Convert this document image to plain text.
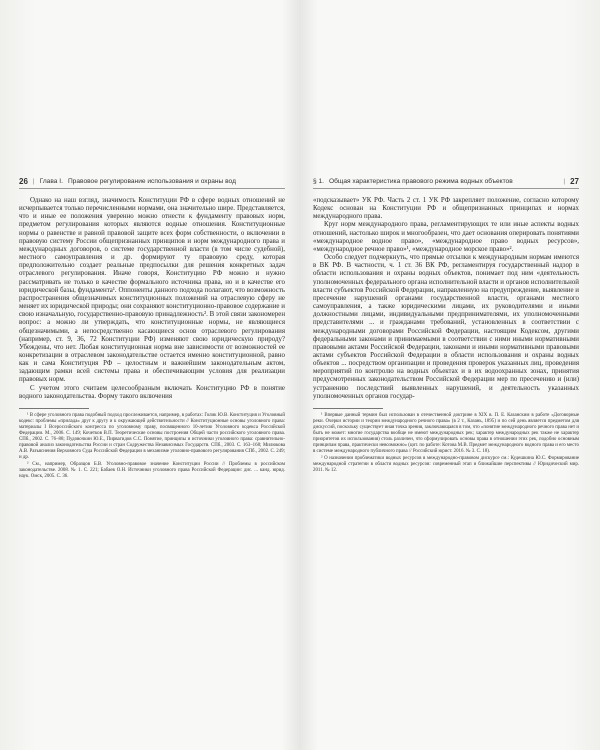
26 | Глава I. Правовое регулирование использования и охраны вод

Однако на наш взгляд, значимость Конституции РФ в сфере водных отношений не исчерпывается только перечисленными нормами, она значительно шире. Представляется, что и иные ее положения уверенно можно отнести к фундаменту правовых норм, предметом регулирования которых являются водные отношения. Конституционные нормы о равенстве и равной правовой защите всех форм собственности, о включении в правовую систему России общепризнанных принципов и норм международного права и международных договоров, о системе государственной власти (в том числе судебной), местного самоуправления и др. формируют ту правовую среду, которая предположительно создает реальные предпосылки для решения конкретных задач отраслевого регулирования. Иначе говоря, Конституцию РФ можно и нужно рассматривать не только в качестве формального источника права, но и в качестве его юридической базы, фундамента¹. Оппоненты данного подхода полагают, что возможность распространения общезначимых конституционных положений на отраслевую сферу не меняет их юридической природы; они сохраняют конституционно-правовое содержание и свою изначальную, государственно-правовую принадлежность². В этой связи закономерен вопрос: а можно ли утверждать, что конституционные нормы, не являющиеся общезначимыми, а непосредственно касающиеся основ отраслевого регулирования (например, ст. 9, 36, 72 Конституции РФ) изменяют свою юридическую природу? Убеждены, что нет. Любая конституционная норма вне зависимости от возможностей ее конкретизации в отраслевом законодательстве остается именно конституционной, равно как и сама Конституция РФ – целостным и важнейшим законодательным актом, задающим рамки всей системы права и обеспечивающим условия для реализации правовых норм.

С учетом этого считаем целесообразным включать Конституцию РФ в понятие водного законодательства. Форму такого включения

¹ В сфере уголовного права подобный подход прослеживается, например, в работах: Голик Ю.В. Конституция и Уголовный кодекс: проблемы «прилада» друг к другу и к окружающей действительности // Конституционные основы уголовного права: материалы I Всероссийского конгресса по уголовному праву, посвященного 10-летию Уголовного кодекса Российской Федерации. М., 2006. С. 149; Кочетков В.П. Теоретические основы построения Общей части российского уголовного права. СПб., 2002. С. 76–88; Пудовочкин Ю.Е., Пирвагидов С.С. Понятие, принципы и источники уголовного права: сравнительно-правовой анализ законодательства России и стран Содружества Независимых Государств. СПб., 2003. С. 163–168; Милюкова А.В. Разъяснения Верховного Суда Российской Федерации в механизме уголовно-правового регулирования СПб., 2002. С. 249; и др.

² См., например, Образцов Б.В. Уголовно-правовое значение Конституции России // Проблемы в российском законодательстве. 2008. № 1. С. 221; Бабаев О.Н. Источники уголовного права Российской Федерации: дис. ... канд. юрид. наук. Омск, 2005. С. 36.

§ 1. Общая характеристика правового режима водных объектов	| 27

«подсказывает» УК РФ. Часть 2 ст. 1 УК РФ закрепляет положение, согласно которому Кодекс основан на Конституции РФ и общепризнанных принципах и нормах международного права.

Круг норм международного права, регламентирующих те или иные аспекты водных отношений, настолько широк и многообразен, что дает основания оперировать понятиями «международное водное право», «международное право водных ресурсов», «международное речное право»¹, «международное морское право»².

Особо следует подчеркнуть, что прямые отсылки к международным нормам имеются в ВК РФ. В частности, ч. 1 ст. 36 ВК РФ, регламентируя государственный надзор в области использования и охраны водных объектов, понимает под ним «деятельность уполномоченных федерального органа исполнительной власти и органов исполнительной власти субъектов Российской Федерации, направленную на предупреждение, выявление и пресечение нарушений органами государственной власти, органами местного самоуправления, а также юридическими лицами, их руководителями и иными должностными лицами, индивидуальными предпринимателями, их уполномоченными представителями ... и гражданами требований, установленных в соответствии с международными договорами Российской Федерации, настоящим Кодексом, другими федеральными законами и принимаемыми в соответствии с ними иными нормативными правовыми актами Российской Федерации, законами и иными нормативными правовыми актами субъектов Российской Федерации в области использования и охраны водных объектов ... посредством организации и проведения проверок указанных лиц, проведения мероприятий по контролю на водных объектах и в их водоохранных зонах, принятия предусмотренных законодательством Российской Федерации мер по пресечению и (или) устранению последствий выявленных нарушений, и деятельность указанных уполномоченных органов государ-

¹ Впервые данный термин был использован в отечественной доктрине в XIX в. П. Е. Казанским в работе «Договорные реки. Очерки истории и теории международного речного права» (в 2 т., Казань, 1895) и по сей день является предметом для дискуссий, поскольку существует иная точка зрения, заключающаяся в том, что «понятие международного речного права нет и быть не может: многие государства вообще не имеют международных рек; характер международных рек также не характер приоритетов их использования) столь различен, что сформулировать основы права в отношении этих рек, подобно основным принципам права, практически невозможно» (цит. по работе: Котова М.В. Предмет международного водного права и его место в системе международного публичного права // Российский юрист. 2016. № 3. С. 18).

² О назначении проблематики водных ресурсов в международно-правовом дискурсе см.: Кудешкина Ю.С. Формирование международной стратегии в области водных ресурсов: современный этап и ближайшие перспективы // Юридический мир. 2011. № 12.
